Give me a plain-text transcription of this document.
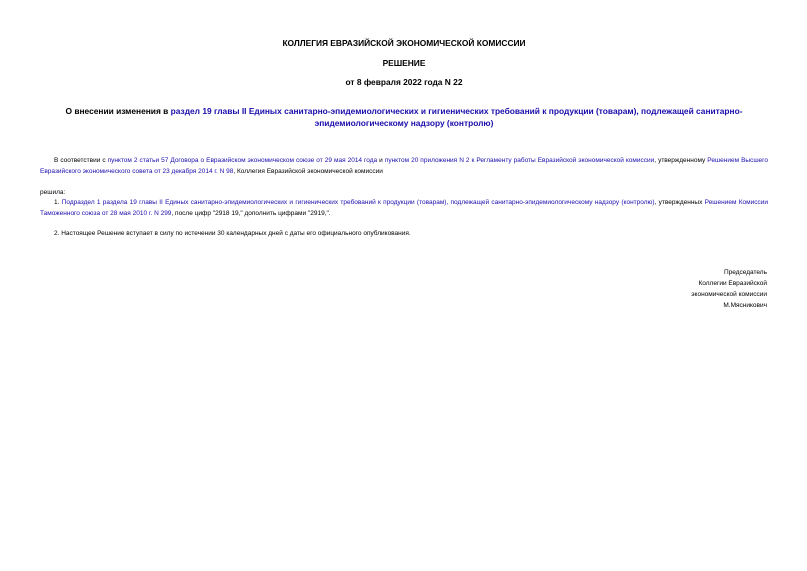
КОЛЛЕГИЯ ЕВРАЗИЙСКОЙ ЭКОНОМИЧЕСКОЙ КОМИССИИ

РЕШЕНИЕ

от 8 февраля 2022 года N 22

О внесении изменения в раздел 19 главы II Единых санитарно-эпидемиологических и гигиенических требований к продукции (товарам), подлежащей санитарно-эпидемиологическому надзору (контролю)

В соответствии с пунктом 2 статьи 57 Договора о Евразийском экономическом союзе от 29 мая 2014 года и пунктом 20 приложения N 2 к Регламенту работы Евразийской экономической комиссии, утвержденному Решением Высшего Евразийского экономического совета от 23 декабря 2014 г. N 98, Коллегия Евразийской экономической комиссии

решила:

1. Подраздел 1 раздела 19 главы II Единых санитарно-эпидемиологических и гигиенических требований к продукции (товарам), подлежащей санитарно-эпидемиологическому надзору (контролю), утвержденных Решением Комиссии Таможенного союза от 28 мая 2010 г. N 299, после цифр "2918 19," дополнить цифрами "2919,".

2. Настоящее Решение вступает в силу по истечении 30 календарных дней с даты его официального опубликования.

Председатель
Коллегии Евразийской
экономической комиссии
М.Мясникович
